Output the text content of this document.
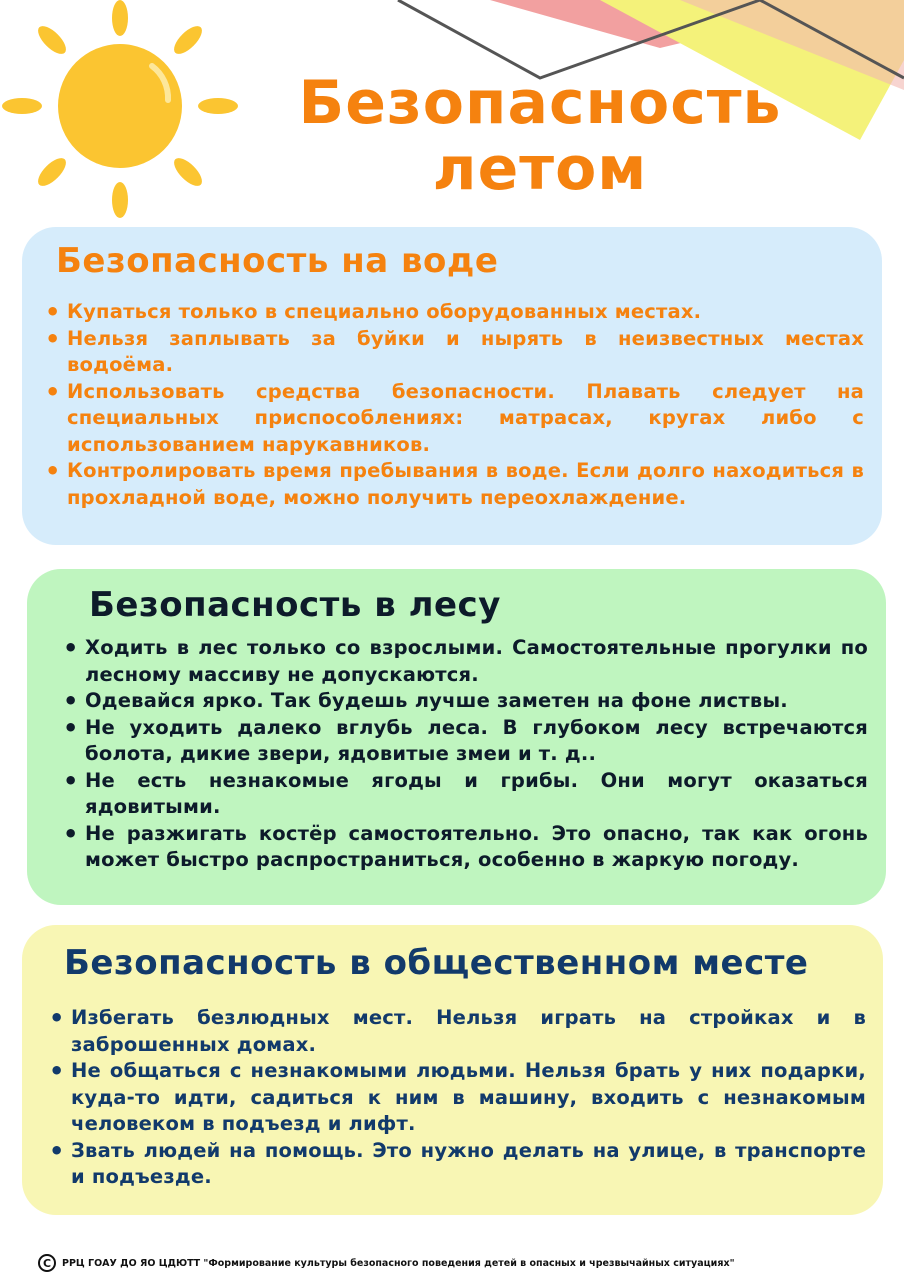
Безопасность
летом
Безопасность на воде
• Купаться только в специально оборудованных местах.
• Нельзя заплывать за буйки и нырять в неизвестных местах водоёма.
• Использовать средства безопасности. Плавать следует на специальных приспособлениях: матрасах, кругах либо с использованием нарукавников.
• Контролировать время пребывания в воде. Если долго находиться в прохладной воде, можно получить переохлаждение.
Безопасность в лесу
• Ходить в лес только со взрослыми. Самостоятельные прогулки по лесному массиву не допускаются.
• Одевайся ярко. Так будешь лучше заметен на фоне листвы.
• Не уходить далеко вглубь леса. В глубоком лесу встречаются болота, дикие звери, ядовитые змеи и т. д..
• Не есть незнакомые ягоды и грибы. Они могут оказаться ядовитыми.
• Не разжигать костёр самостоятельно. Это опасно, так как огонь может быстро распространиться, особенно в жаркую погоду.
Безопасность в общественном месте
• Избегать безлюдных мест. Нельзя играть на стройках и в заброшенных домах.
• Не общаться с незнакомыми людьми. Нельзя брать у них подарки, куда-то идти, садиться к ним в машину, входить с незнакомым человеком в подъезд и лифт.
• Звать людей на помощь. Это нужно делать на улице, в транспорте и подъезде.
C	РРЦ ГОАУ ДО ЯО ЦДЮТТ "Формирование культуры безопасного поведения детей в опасных и чрезвычайных ситуациях"
